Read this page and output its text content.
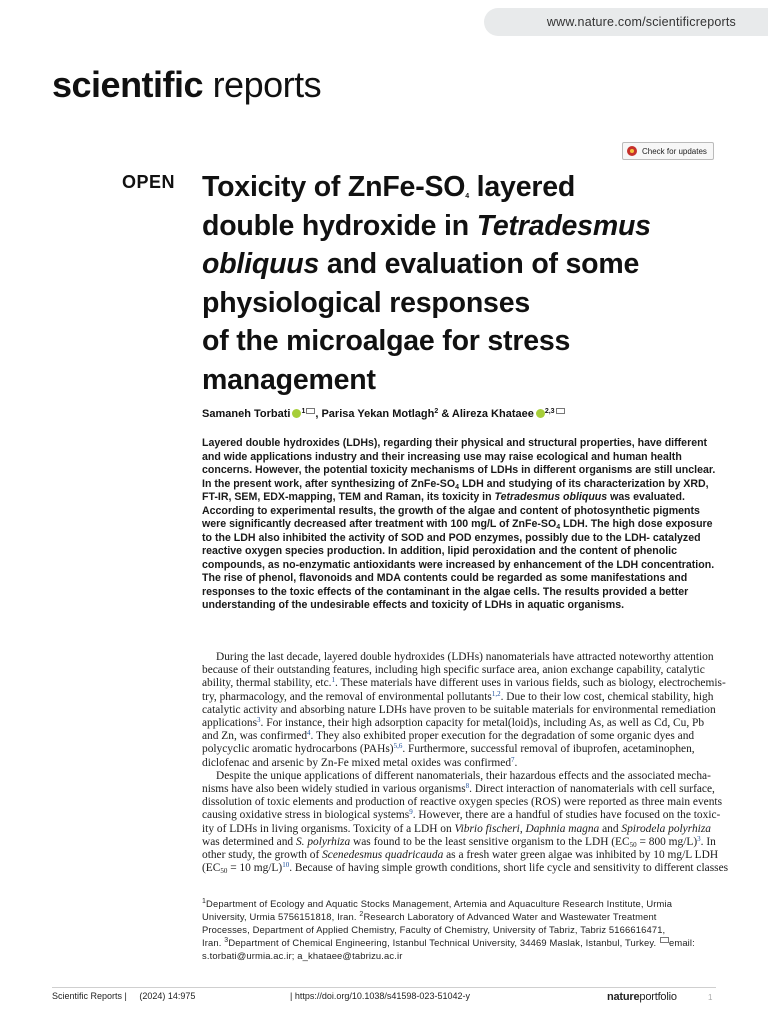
www.nature.com/scientificreports
scientific reports
Check for updates
OPEN Toxicity of ZnFe-$SO_4$ layered
double hydroxide in Tetradesmus
obliquus and evaluation of some
physiological responses
of the microalgae for stress
management
Samaneh Torbati $^1$ , Parisa Yekan Motlagh$^2$ & Alireza Khataee $^{2,3}$
Layered double hydroxides (LDHs), regarding their physical and structural properties, have different
and wide applications industry and their increasing use may raise ecological and human health
concerns. However, the potential toxicity mechanisms of LDHs in different organisms are still unclear.
In the present work, after synthesizing of ZnFe-$SO_4$ LDH and studying of its characterization by XRD,
FT-IR, SEM, EDX-mapping, TEM and Raman, its toxicity in Tetradesmus obliquus was evaluated.
According to experimental results, the growth of the algae and content of photosynthetic pigments
were significantly decreased after treatment with 100 mg/L of ZnFe-$SO_4$ LDH. The high dose exposure
to the LDH also inhibited the activity of SOD and POD enzymes, possibly due to the LDH- catalyzed
reactive oxygen species production. In addition, lipid peroxidation and the content of phenolic
compounds, as no-enzymatic antioxidants were increased by enhancement of the LDH concentration.
The rise of phenol, flavonoids and MDA contents could be regarded as some manifestations and
responses to the toxic effects of the contaminant in the algae cells. The results provided a better
understanding of the undesirable effects and toxicity of LDHs in aquatic organisms.
During the last decade, layered double hydroxides (LDHs) nanomaterials have attracted noteworthy attention
because of their outstanding features, including high specific surface area, anion exchange capability, catalytic
ability, thermal stability, etc.$^1$. These materials have different uses in various fields, such as biology, electrochemis-
try, pharmacology, and the removal of environmental pollutants$^{1,2}$. Due to their low cost, chemical stability, high
catalytic activity and absorbing nature LDHs have proven to be suitable materials for environmental remediation
applications$^3$. For instance, their high adsorption capacity for metal(loid)s, including As, as well as Cd, Cu, Pb
and Zn, was confirmed$^4$. They also exhibited proper execution for the degradation of some organic dyes and
polycyclic aromatic hydrocarbons (PAHs)$^{5,6}$. Furthermore, successful removal of ibuprofen, acetaminophen,
diclofenac and arsenic by Zn-Fe mixed metal oxides was confirmed$^7$.
Despite the unique applications of different nanomaterials, their hazardous effects and the associated mecha-
nisms have also been widely studied in various organisms$^8$. Direct interaction of nanomaterials with cell surface,
dissolution of toxic elements and production of reactive oxygen species (ROS) were reported as three main events
causing oxidative stress in biological systems$^9$. However, there are a handful of studies have focused on the toxic-
ity of LDHs in living organisms. Toxicity of a LDH on Vibrio fischeri, Daphnia magna and Spirodela polyrhiza
was determined and S. polyrhiza was found to be the least sensitive organism to the LDH ($EC_{50} = 800$ mg/L)$^3$. In
other study, the growth of Scenedesmus quadricauda as a fresh water green algae was inhibited by 10 mg/L LDH
($EC_{50} = 10$ mg/L)$^{10}$. Because of having simple growth conditions, short life cycle and sensitivity to different classes
$^1$Department of Ecology and Aquatic Stocks Management, Artemia and Aquaculture Research Institute, Urmia
University, Urmia 5756151818, Iran. $^2$Research Laboratory of Advanced Water and Wastewater Treatment
Processes, Department of Applied Chemistry, Faculty of Chemistry, University of Tabriz, Tabriz 5166616471,
Iran. $^3$Department of Chemical Engineering, Istanbul Technical University, 34469 Maslak, Istanbul, Turkey. email:
s.torbati@urmia.ac.ir; a_khataee@tabrizu.ac.ir
Scientific Reports | (2024) 14:975	| https://doi.org/10.1038/s41598-023-51042-y	natureportfolio	1
